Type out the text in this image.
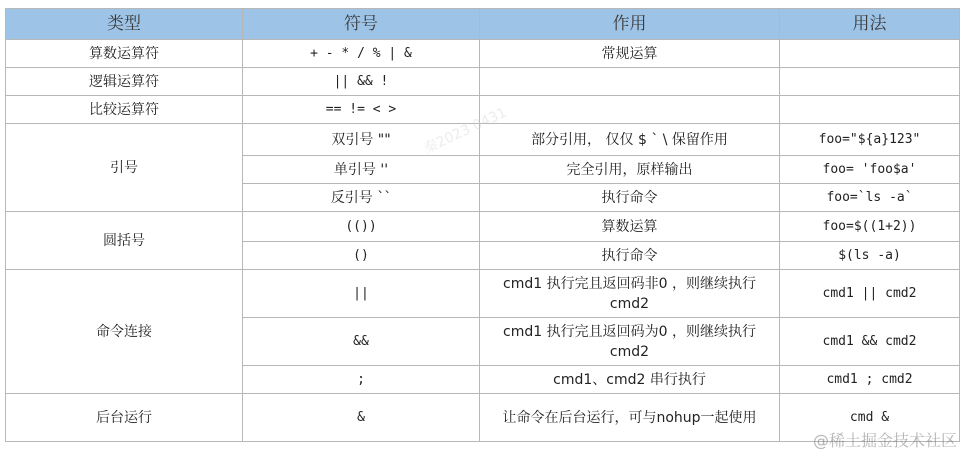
类型	符号	作用	用法
算数运算符	+ - * / % | &	常规运算	
逻辑运算符	|| && !		
比较运算符	== != < >		
引号	双引号 ""	部分引用， 仅仅 $ ` \ 保留作用	foo="${a}123"
	单引号 ''	完全引用，原样输出	foo= 'foo$a'
	反引号 ``	执行命令	foo=`ls -a`
圆括号	(())	算数运算	foo=$((1+2))
	()	执行命令	$(ls -a)
命令连接	||	cmd1 执行完且返回码非0 ，则继续执行 cmd2	cmd1 || cmd2
	&&	cmd1 执行完且返回码为0 ，则继续执行 cmd2	cmd1 && cmd2
	;	cmd1、cmd2 串行执行	cmd1 ; cmd2
后台运行	&	让命令在后台运行，可与nohup一起使用	cmd &
秦2023 0431
@稀土掘金技术社区
